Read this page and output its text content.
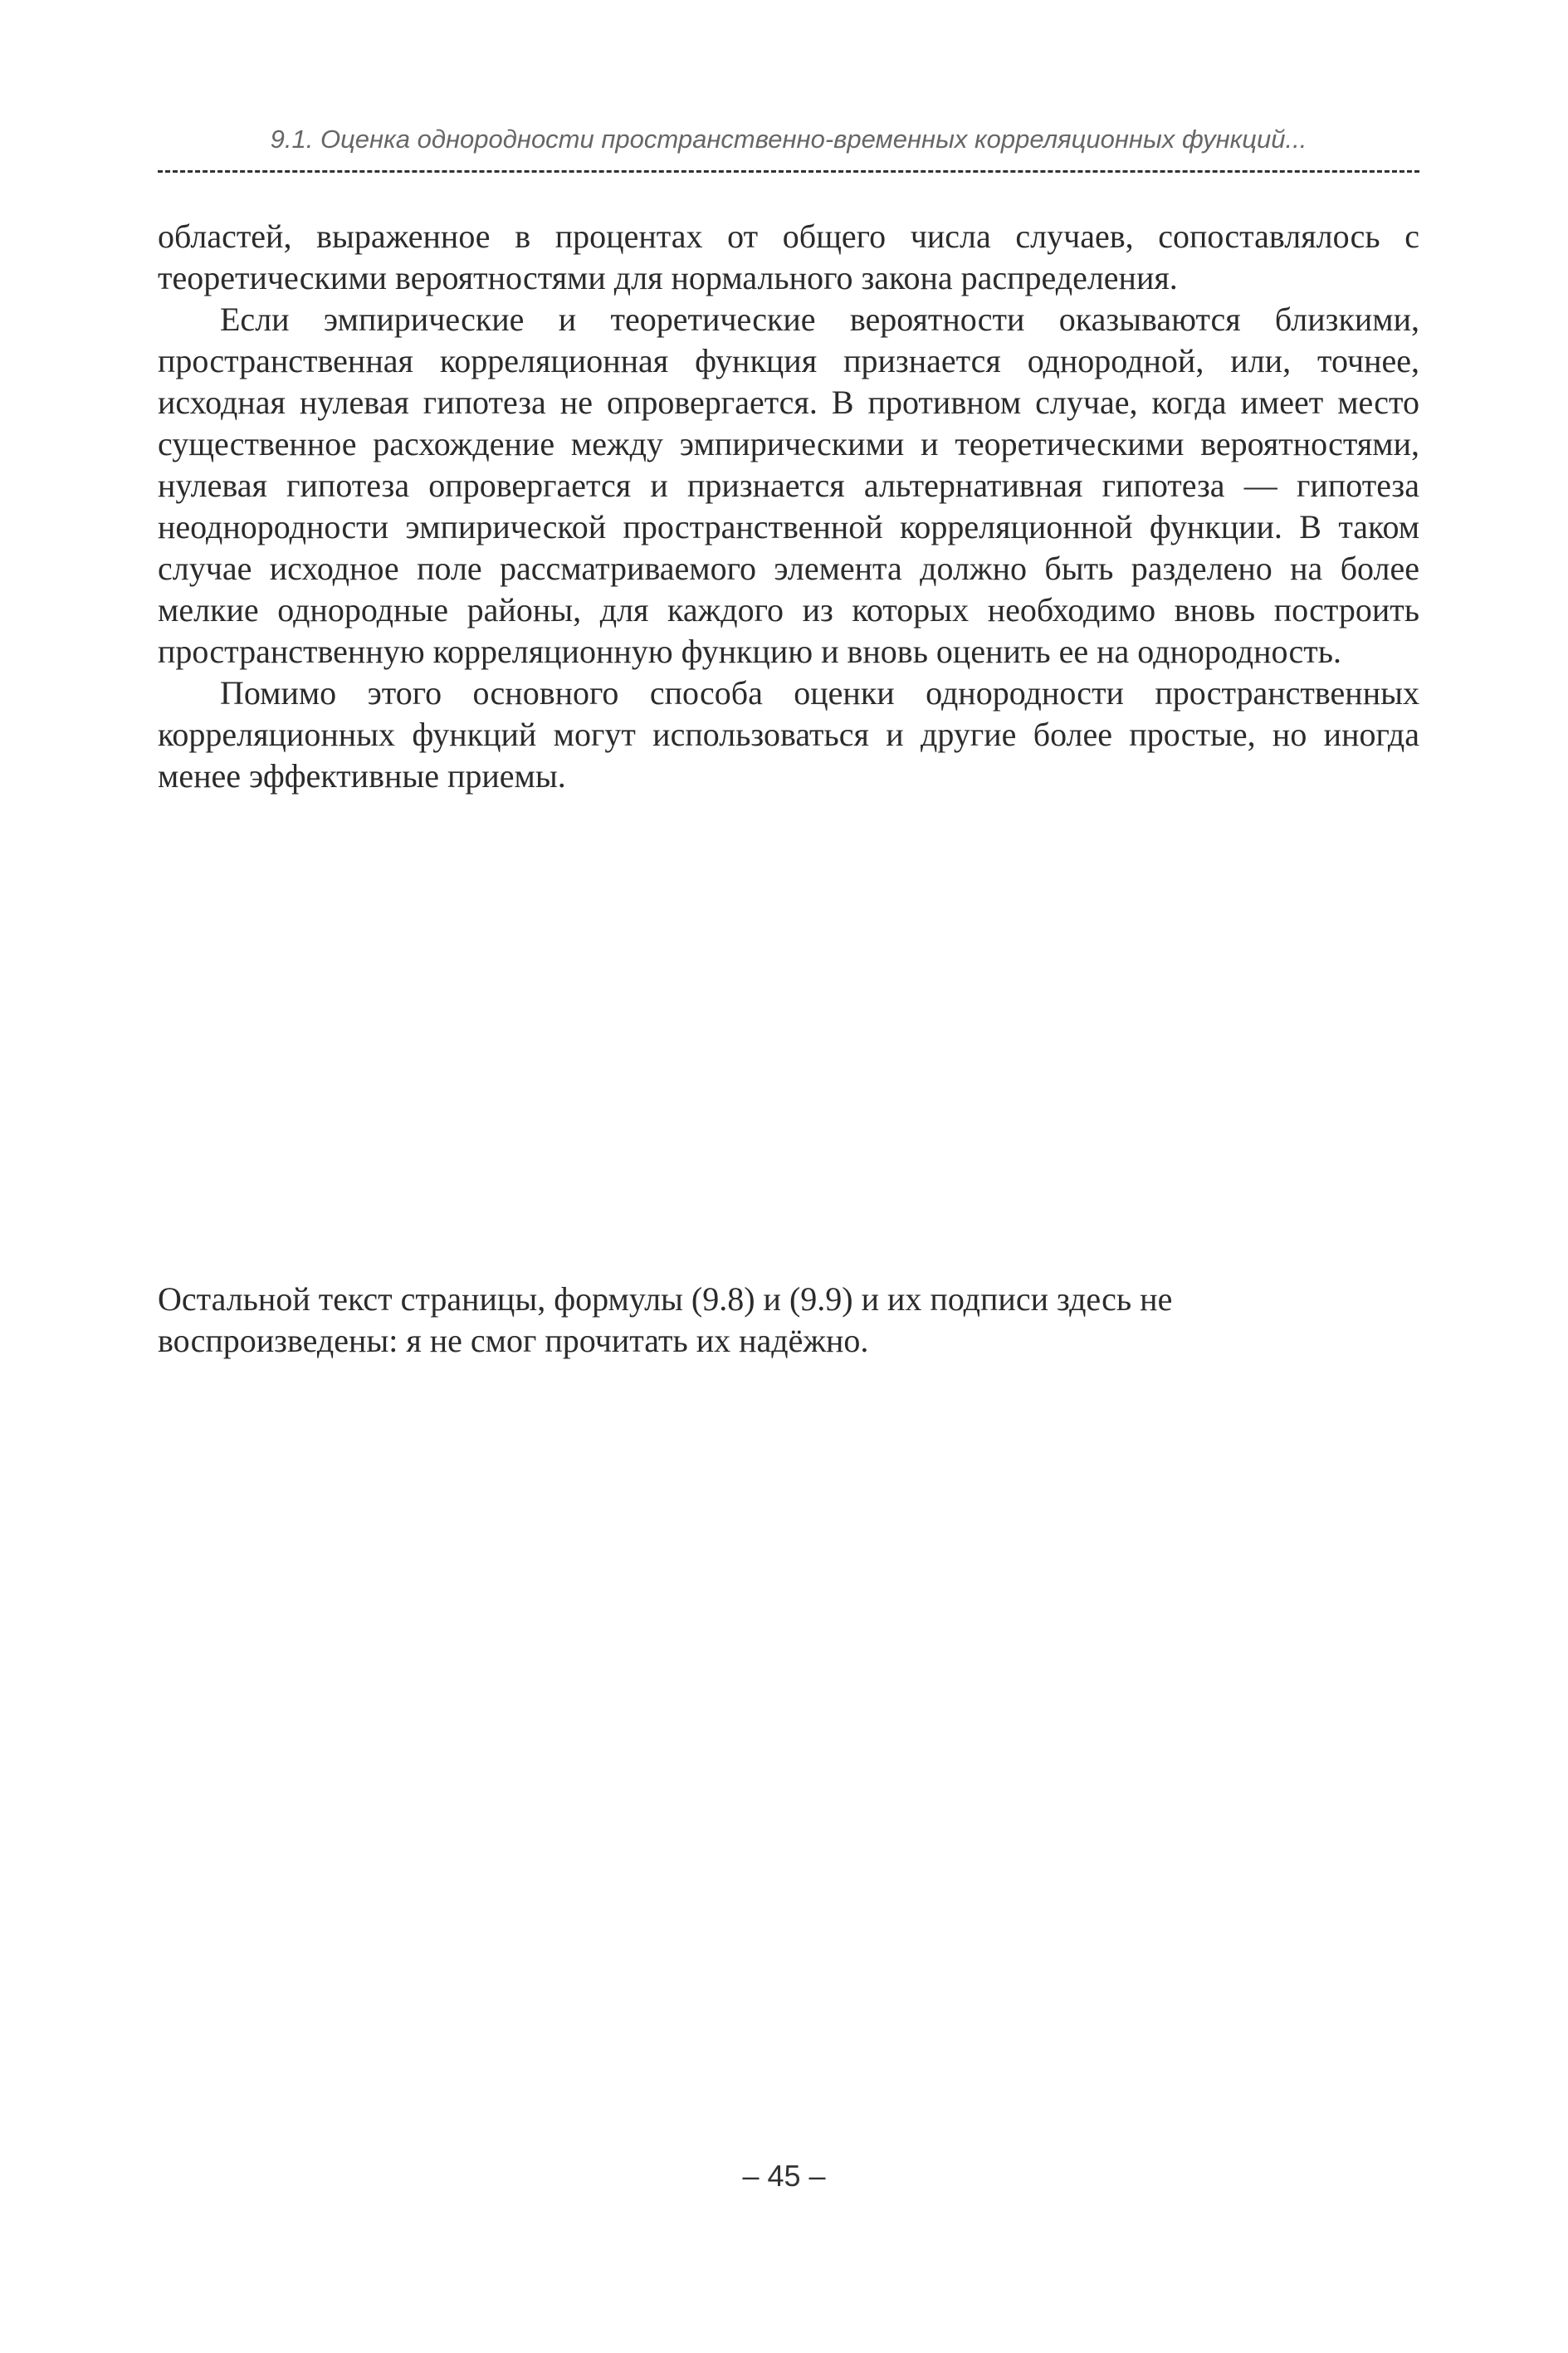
9.1. Оценка однородности пространственно-временных корреляционных функций...

областей, выраженное в процентах от общего числа случаев, сопоставлялось с теоретическими вероятностями для нормального закона распределения.

Если эмпирические и теоретические вероятности оказываются близкими, пространственная корреляционная функция признается однородной, или, точнее, исходная нулевая гипотеза не опровергается. В противном случае, когда имеет место существенное расхождение между эмпирическими и теоретическими вероятностями, нулевая гипотеза опровергается и признается альтернативная гипотеза — гипотеза неоднородности эмпирической пространственной корреляционной функции. В таком случае исходное поле рассматриваемого элемента должно быть разделено на более мелкие однородные районы, для каждого из которых необходимо вновь построить пространственную корреляционную функцию и вновь оценить ее на однородность.

Помимо этого основного способа оценки однородности пространственных корреляционных функций могут использоваться и другие более простые, но иногда менее эффективные приемы.

Остальной текст страницы, формулы (9.8) и (9.9) и их подписи здесь не воспроизведены: я не смог прочитать их надёжно.
– 45 –
